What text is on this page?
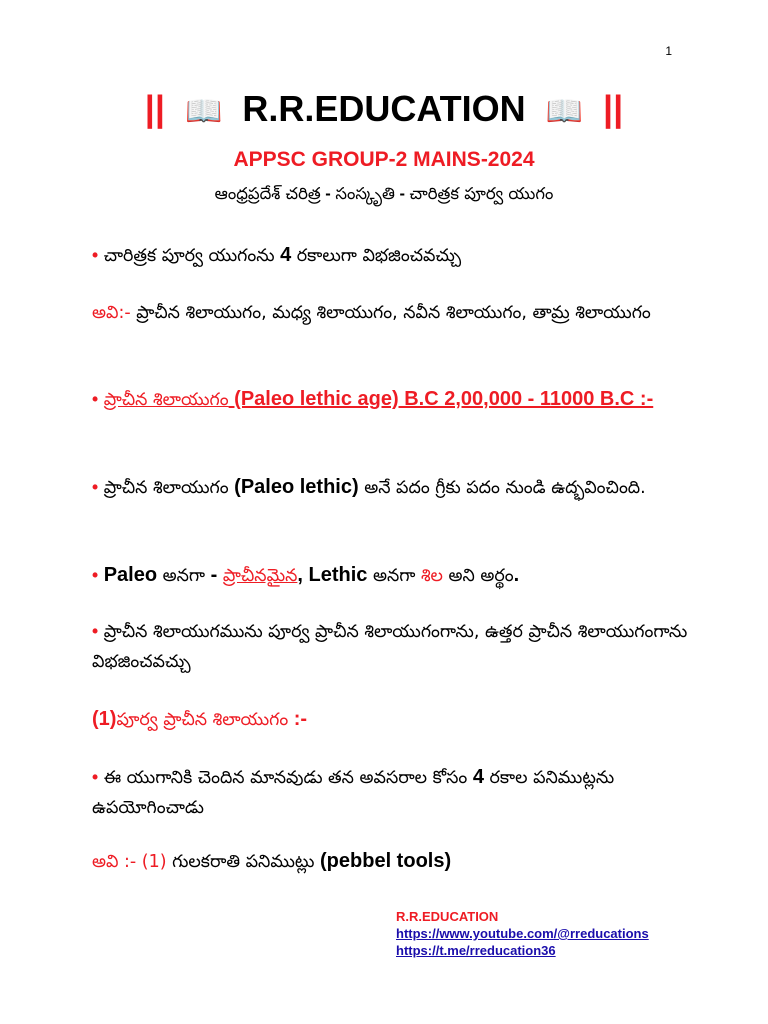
1
|| 📖 R.R.EDUCATION 📖 ||
APPSC GROUP-2 MAINS-2024
ఆంధ్రప్రదేశ్ చరిత్ర - సంస్కృతి - చారిత్రక పూర్వ యుగం
• చారిత్రక పూర్వ యుగంను 4 రకాలుగా విభజించవచ్చు
అవి:- ప్రాచీన శిలాయుగం, మధ్య శిలాయుగం, నవీన శిలాయుగం, తామ్ర శిలాయుగం
• ప్రాచీన శిలాయుగం (Paleo lethic age) B.C 2,00,000 - 11000 B.C :-
• ప్రాచీన శిలాయుగం (Paleo lethic) అనే పదం గ్రీకు పదం నుండి ఉద్భవించింది.
• Paleo అనగా - ప్రాచీనమైన, Lethic అనగా శిల అని అర్థం.
• ప్రాచీన శిలాయుగమును పూర్వ ప్రాచీన శిలాయుగంగాను, ఉత్తర ప్రాచీన శిలాయుగంగాను విభజించవచ్చు
(1)పూర్వ ప్రాచీన శిలాయుగం :-
• ఈ యుగానికి చెందిన మానవుడు తన అవసరాల కోసం 4 రకాల పనిముట్లను ఉపయోగించాడు
అవి :- (1) గులకరాతి పనిముట్లు (pebbel tools)
R.R.EDUCATION
https://www.youtube.com/@rreducations
https://t.me/rreducation36
